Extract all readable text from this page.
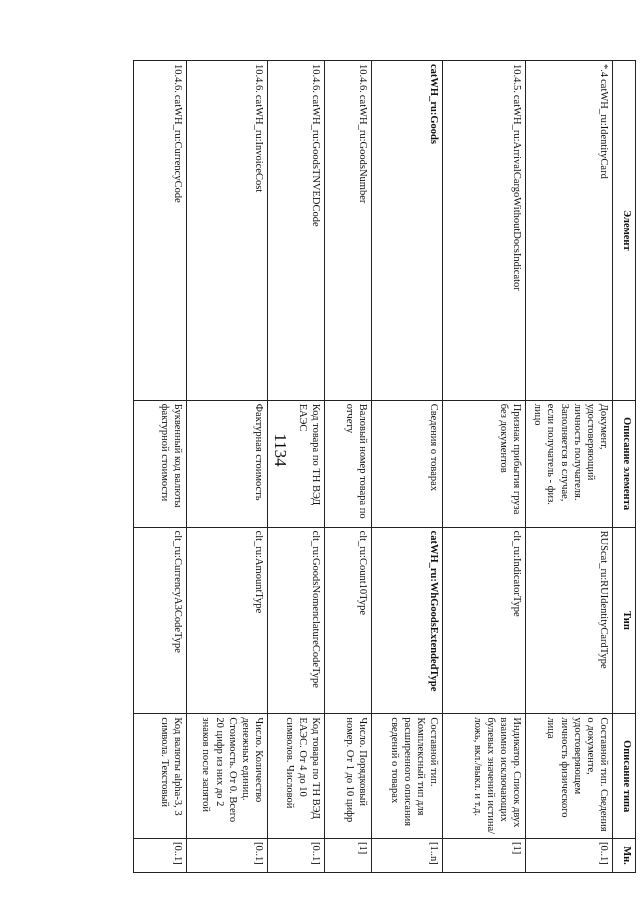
1134
Элемент	Описание элемента	Тип	Описание типа	Мн.
*.4catWH_ru:IdentityCard	Документ, удостоверяющий личность получателя. Заполняется в случае, если получатель - физ. лицо	RUScat_ru:RUIdentityCardType	Составной тип. Сведения о документе, удостоверяющем личность физического лица	[0..1]
10.4.5.catWH_ru:ArrivalCargoWithoutDocsIndicator	Признак прибытия груза без документов	clt_ru:IndicatorType	Индикатор. Список двух взаимно исключающих булевых значений истина/ложь, вкл./выкл. и т.д.	[1]
catWH_ru:Goods	Сведения о товарах	catWH_ru:WhGoodsExtendedType	Составной тип. Комплексный тип для расширенного описания сведений о товарах	[1..n]
10.4.6.catWH_ru:GoodsNumber	Валовый номер товара по отчету	clt_ru:Count10Type	Число. Порядковый номер. От 1 до 10 цифр	[1]
10.4.6.catWH_ru:GoodsTNVEDCode	Код товара по ТН ВЭД ЕАЭС	clt_ru:GoodsNomenclatureCodeType	Код товара по ТН ВЭД ЕАЭС. От 4 до 10 символов. Числовой	[0..1]
10.4.6.catWH_ru:InvoiceCost	Фактурная стоимость	clt_ru:AmountType	Число. Количество денежных единиц. Стоимость. От 0. Всего 20 цифр из них до 2 знаков после запятой	[0..1]
10.4.6.catWH_ru:CurrencyCode	Буквенный код валюты фактурной стоимости	clt_ru:CurrencyA3CodeType	Код валюты alpha-3, 3 символа. Текстовый	[0..1]
